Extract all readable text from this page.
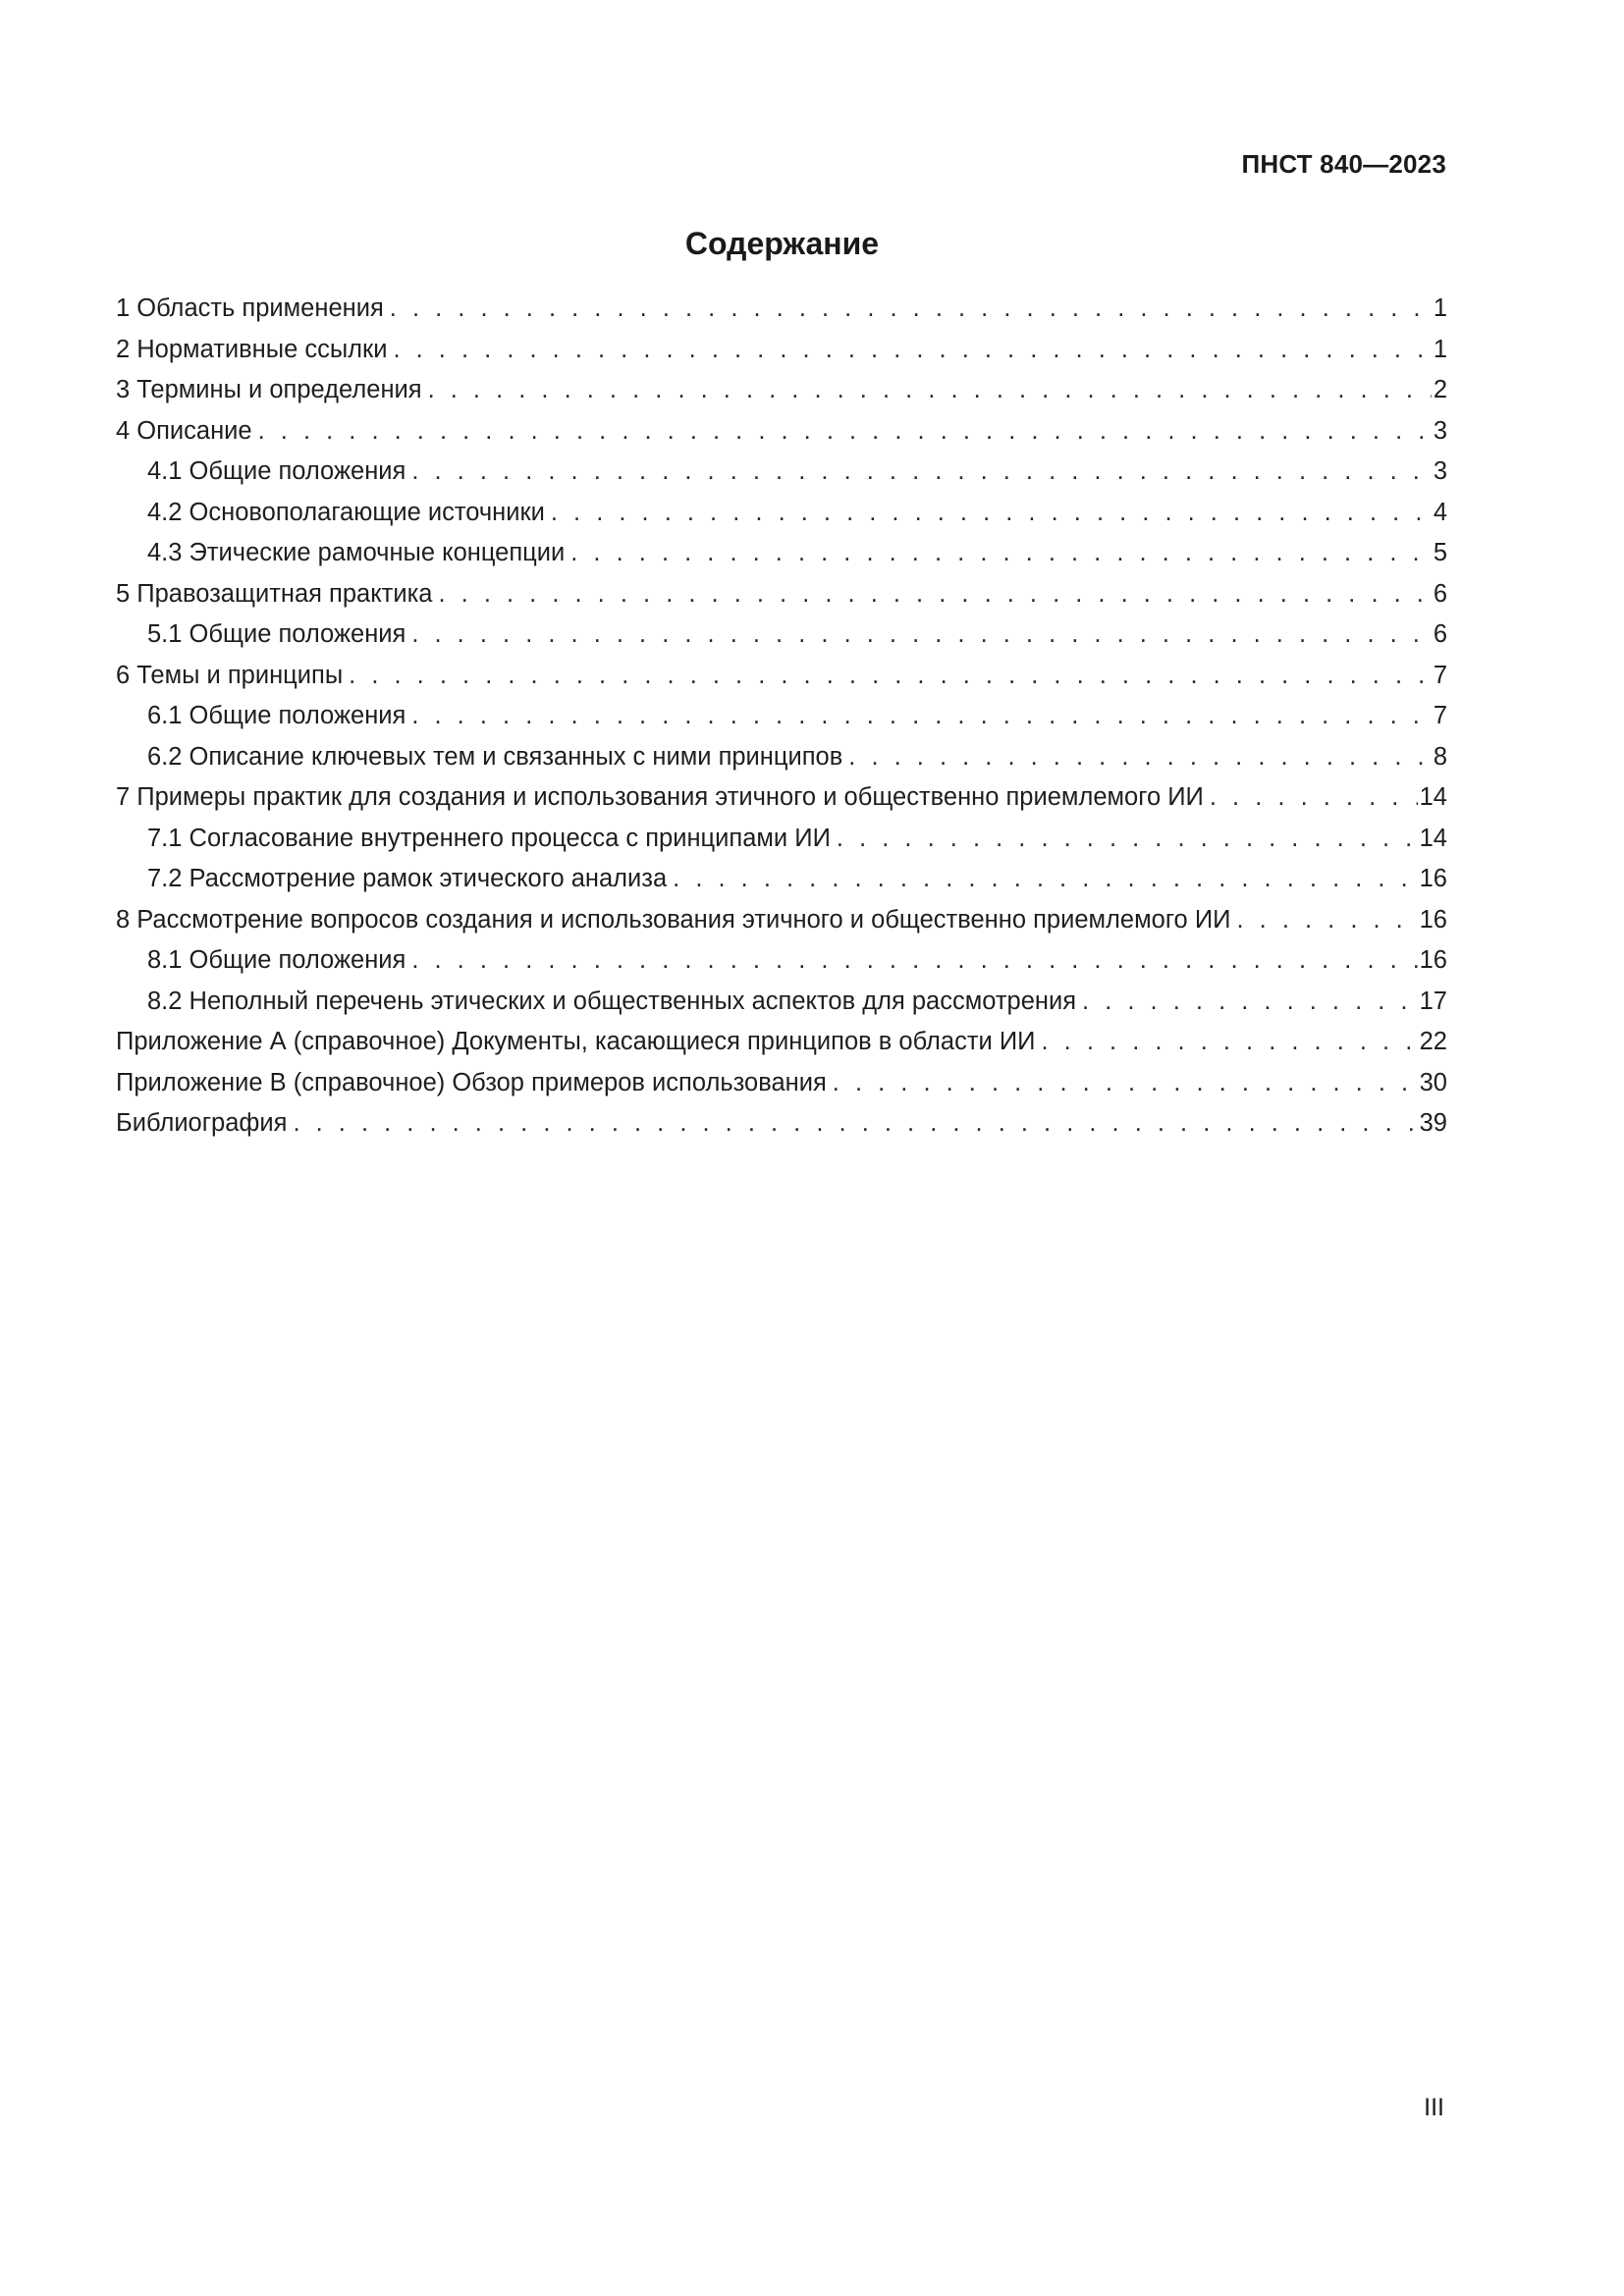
ПНСТ 840—2023
Содержание
1 Область применения . . .	1
2 Нормативные ссылки . . .	1
3 Термины и определения . . .	2
4 Описание . . .	3
4.1 Общие положения . . .	3
4.2 Основополагающие источники . . .	4
4.3 Этические рамочные концепции . . .	5
5 Правозащитная практика . . .	6
5.1 Общие положения . . .	6
6 Темы и принципы . . .	7
6.1 Общие положения . . .	7
6.2 Описание ключевых тем и связанных с ними принципов . . .	8
7 Примеры практик для создания и использования этичного и общественно приемлемого ИИ . . .	14
7.1 Согласование внутреннего процесса с принципами ИИ . . .	14
7.2 Рассмотрение рамок этического анализа . . .	16
8 Рассмотрение вопросов создания и использования этичного и общественно приемлемого ИИ . . .	16
8.1 Общие положения . . .	16
8.2 Неполный перечень этических и общественных аспектов для рассмотрения . . .	17
Приложение А (справочное) Документы, касающиеся принципов в области ИИ . . .	22
Приложение В (справочное) Обзор примеров использования . . .	30
Библиография . . .	39
III
